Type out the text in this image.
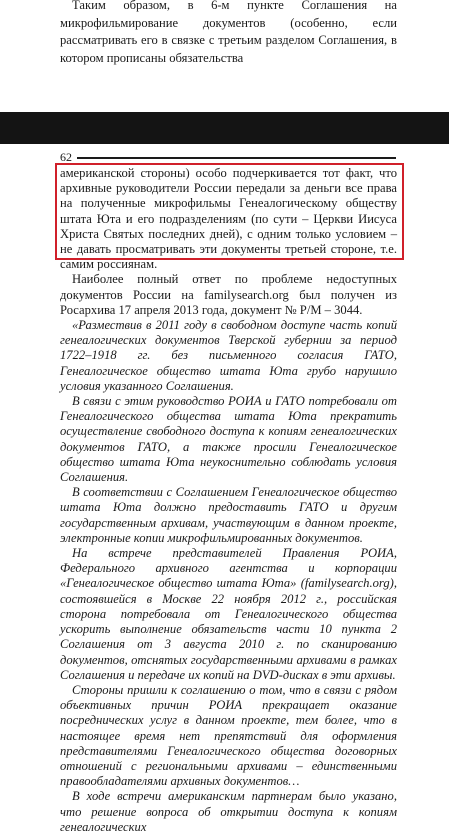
Таким образом, в 6-м пункте Соглашения на микрофильмирование документов (особенно, если рассматривать его в связке с третьим разделом Соглашения, в котором прописаны обязательства

62

американской стороны) особо подчеркивается тот факт, что архивные руководители России передали за деньги все права на полученные микрофильмы Генеалогическому обществу штата Юта и его подразделениям (по сути – Церкви Иисуса Христа Святых последних дней), с одним только условием – не давать просматривать эти документы третьей стороне, т.е. самим россиянам.

Наиболее полный ответ по проблеме недоступных документов России на familysearch.org был получен из Росархива 17 апреля 2013 года, документ № Р/М – 3044.

«Размествив в 2011 году в свободном доступе часть копий генеалогических документов Тверской губернии за период 1722–1918 гг. без письменного согласия ГАТО, Генеалогическое общество штата Юта грубо нарушило условия указанного Соглашения.

В связи с этим руководство РОИА и ГАТО потребовали от Генеалогического общества штата Юта прекратить осуществление свободного доступа к копиям генеалогических документов ГАТО, а также просили Генеалогическое общество штата Юта неукоснительно соблюдать условия Соглашения.

В соответствии с Соглашением Генеалогическое общество штата Юта должно предоставить ГАТО и другим государственным архивам, участвующим в данном проекте, электронные копии микрофильмированных документов.

На встрече представителей Правления РОИА, Федерального архивного агентства и корпорации «Генеалогическое общество штата Юта» (familysearch.org), состоявшейся в Москве 22 ноября 2012 г., российская сторона потребовала от Генеалогического общества ускорить выполнение обязательств части 10 пункта 2 Соглашения от 3 августа 2010 г. по сканированию документов, отснятых государственными архивами в рамках Соглашения и передаче их копий на DVD-дисках в эти архивы.

Стороны пришли к соглашению о том, что в связи с рядом объективных причин РОИА прекращает оказание посреднических услуг в данном проекте, тем более, что в настоящее время нет препятствий для оформления представителями Генеалогического общества договорных отношений с региональными архивами – единственными правообладателями архивных документов…

В ходе встречи американским партнерам было указано, что решение вопроса об открытии доступа к копиям генеалогических
